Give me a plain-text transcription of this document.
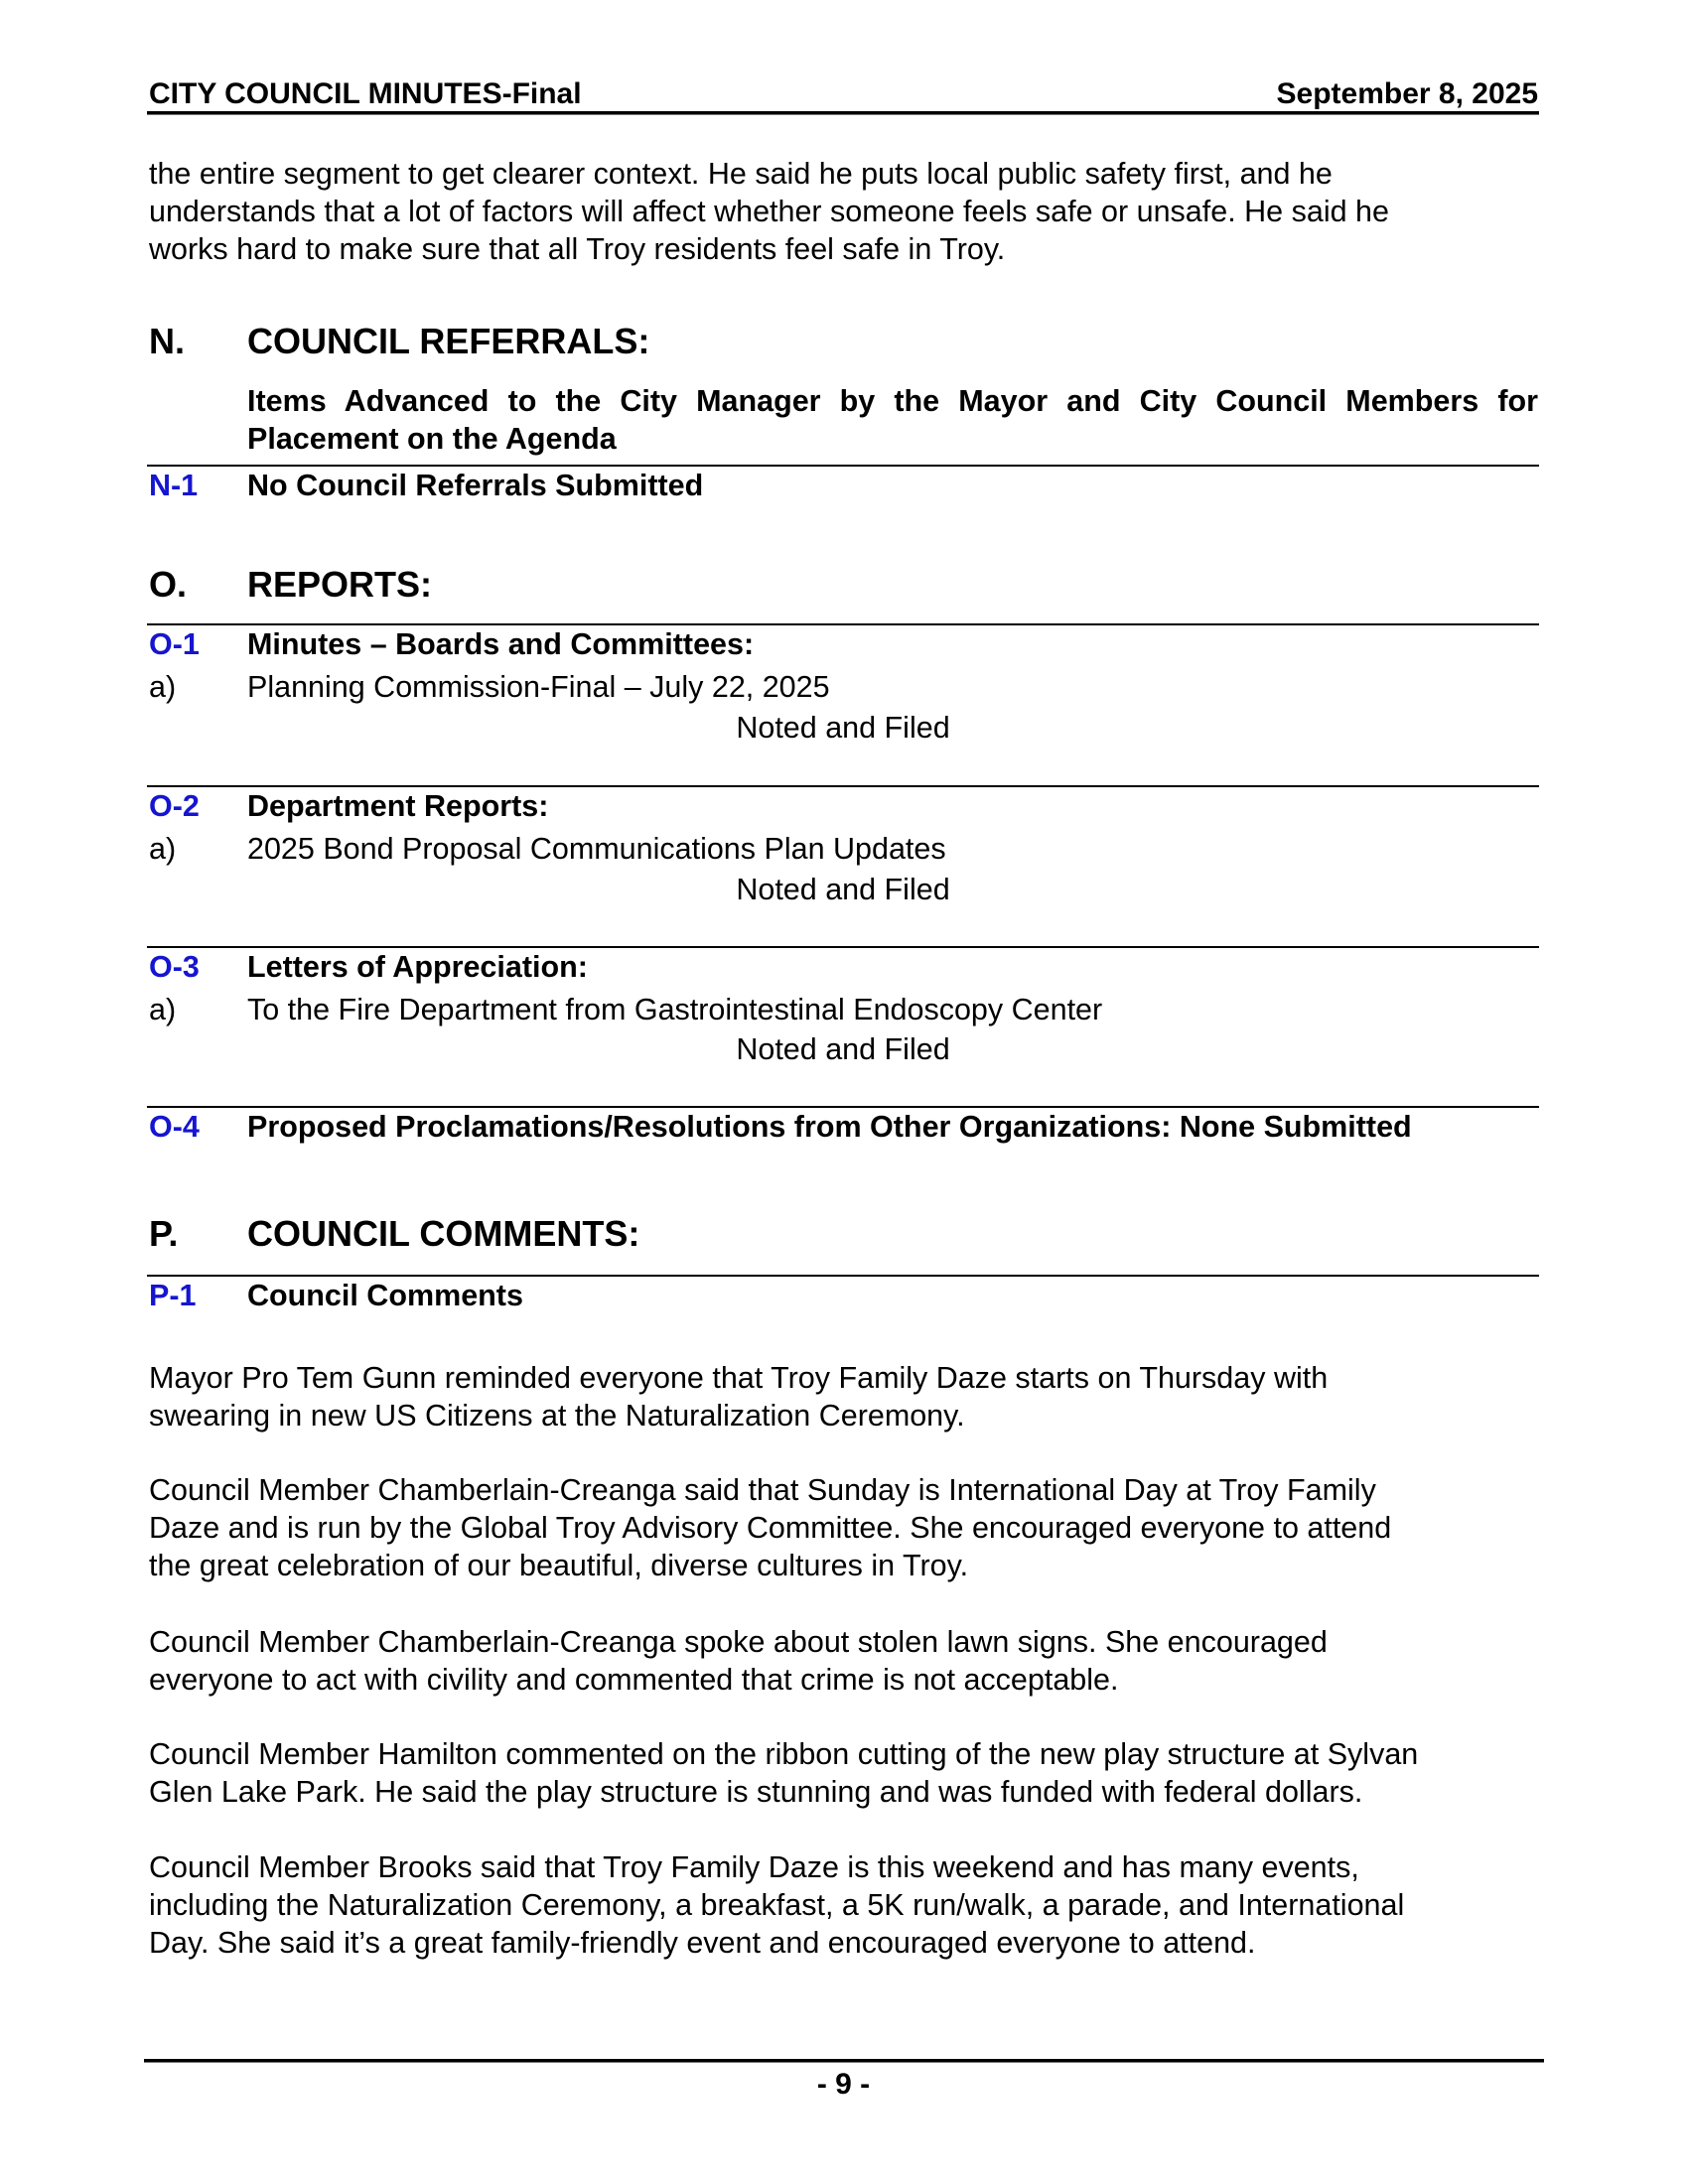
CITY COUNCIL MINUTES-Final	September 8, 2025
the entire segment to get clearer context. He said he puts local public safety first, and he
understands that a lot of factors will affect whether someone feels safe or unsafe. He said he
works hard to make sure that all Troy residents feel safe in Troy.
N. COUNCIL REFERRALS:
Items Advanced to the City Manager by the Mayor and City Council Members for
Placement on the Agenda
N-1 No Council Referrals Submitted
O. REPORTS:
O-1 Minutes – Boards and Committees:
a) Planning Commission-Final – July 22, 2025
Noted and Filed
O-2 Department Reports:
a) 2025 Bond Proposal Communications Plan Updates
Noted and Filed
O-3 Letters of Appreciation:
a) To the Fire Department from Gastrointestinal Endoscopy Center
Noted and Filed
O-4 Proposed Proclamations/Resolutions from Other Organizations: None Submitted
P. COUNCIL COMMENTS:
P-1 Council Comments
Mayor Pro Tem Gunn reminded everyone that Troy Family Daze starts on Thursday with
swearing in new US Citizens at the Naturalization Ceremony.
Council Member Chamberlain-Creanga said that Sunday is International Day at Troy Family
Daze and is run by the Global Troy Advisory Committee. She encouraged everyone to attend
the great celebration of our beautiful, diverse cultures in Troy.
Council Member Chamberlain-Creanga spoke about stolen lawn signs. She encouraged
everyone to act with civility and commented that crime is not acceptable.
Council Member Hamilton commented on the ribbon cutting of the new play structure at Sylvan
Glen Lake Park. He said the play structure is stunning and was funded with federal dollars.
Council Member Brooks said that Troy Family Daze is this weekend and has many events,
including the Naturalization Ceremony, a breakfast, a 5K run/walk, a parade, and International
Day. She said it’s a great family-friendly event and encouraged everyone to attend.
- 9 -
